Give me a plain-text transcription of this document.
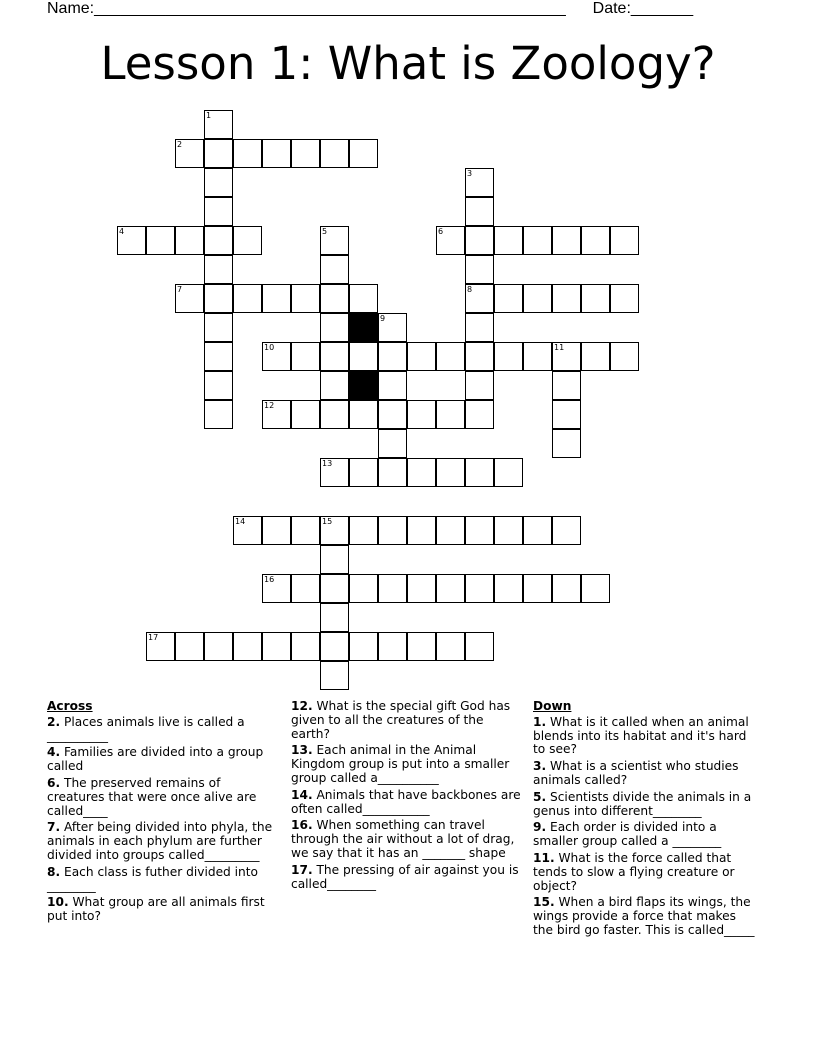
Name:_____________________________________________________ Date:_______
Lesson 1: What is Zoology?
1
2
3
4	5	6
7	8
9
10	11
12
13
14	15
16
17
Across
2. Places animals live is called a __________
4. Families are divided into a group called
6. The preserved remains of creatures that were once alive are called____
7. After being divided into phyla, the animals in each phylum are further divided into groups called_________
8. Each class is futher divided into ________
10. What group are all animals first put into?
12. What is the special gift God has given to all the creatures of the earth?
13. Each animal in the Animal Kingdom group is put into a smaller group called a__________
14. Animals that have backbones are often called___________
16. When something can travel through the air without a lot of drag, we say that it has an _______ shape
17. The pressing of air against you is called________
Down
1. What is it called when an animal blends into its habitat and it's hard to see?
3. What is a scientist who studies animals called?
5. Scientists divide the animals in a genus into different________
9. Each order is divided into a smaller group called a ________
11. What is the force called that tends to slow a flying creature or object?
15. When a bird flaps its wings, the wings provide a force that makes the bird go faster. This is called_____
